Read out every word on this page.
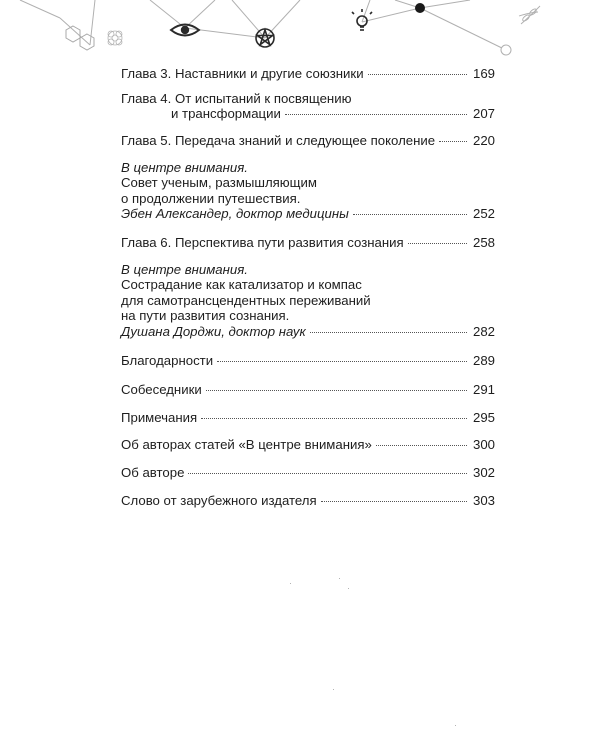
Глава 3. Наставники и другие союзники	169
Глава 4. От испытаний к посвящению
и трансформации	207
Глава 5. Передача знаний и следующее поколение	220
В центре внимания.
Совет ученым, размышляющим
о продолжении путешествия.
Эбен Александер, доктор медицины	252
Глава 6. Перспектива пути развития сознания	258
В центре внимания.
Сострадание как катализатор и компас
для самотрансцендентных переживаний
на пути развития сознания.
Душана Дорджи, доктор наук	282
Благодарности	289
Собеседники	291
Примечания	295
Об авторах статей «В центре внимания»	300
Об авторе	302
Слово от зарубежного издателя	303
